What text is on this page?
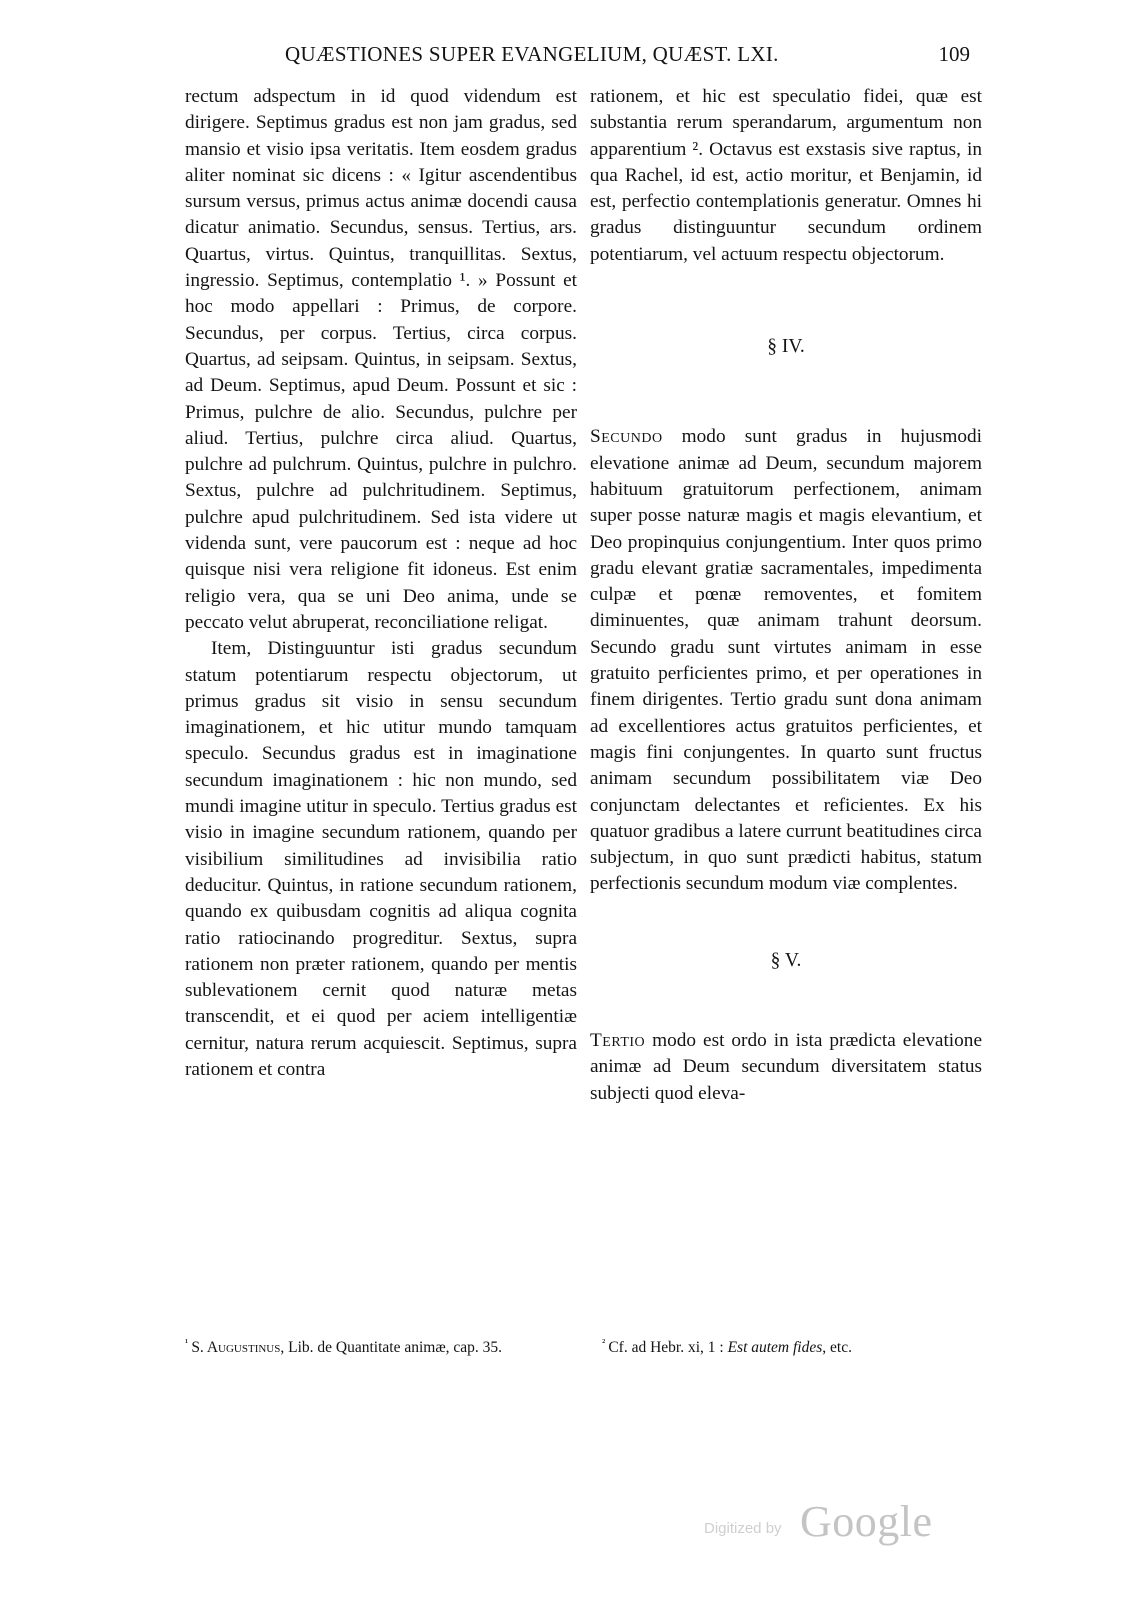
QUÆSTIONES SUPER EVANGELIUM, QUÆST. LXI.	109

rectum adspectum in id quod videndum est dirigere. Septimus gradus est non jam gradus, sed mansio et visio ipsa veritatis. Item eosdem gradus aliter nominat sic dicens : « Igitur ascendentibus sursum versus, primus actus animæ docendi causa dicatur animatio. Secundus, sensus. Tertius, ars. Quartus, virtus. Quintus, tranquillitas. Sextus, ingressio. Septimus, contemplatio ¹. » Possunt et hoc modo appellari : Primus, de corpore. Secundus, per corpus. Tertius, circa corpus. Quartus, ad seipsam. Quintus, in seipsam. Sextus, ad Deum. Septimus, apud Deum. Possunt et sic : Primus, pulchre de alio. Secundus, pulchre per aliud. Tertius, pulchre circa aliud. Quartus, pulchre ad pulchrum. Quintus, pulchre in pulchro. Sextus, pulchre ad pulchritudinem. Septimus, pulchre apud pulchritudinem. Sed ista videre ut videnda sunt, vere paucorum est : neque ad hoc quisque nisi vera religione fit idoneus. Est enim religio vera, qua se uni Deo anima, unde se peccato velut abruperat, reconciliatione religat.

Item, Distinguuntur isti gradus secundum statum potentiarum respectu objectorum, ut primus gradus sit visio in sensu secundum imaginationem, et hic utitur mundo tamquam speculo. Secundus gradus est in imaginatione secundum imaginationem : hic non mundo, sed mundi imagine utitur in speculo. Tertius gradus est visio in imagine secundum rationem, quando per visibilium similitudines ad invisibilia ratio deducitur. Quintus, in ratione secundum rationem, quando ex quibusdam cognitis ad aliqua cognita ratio ratiocinando progreditur. Sextus, supra rationem non præter rationem, quando per mentis sublevationem cernit quod naturæ metas transcendit, et ei quod per aciem intelligentiæ cernitur, natura rerum acquiescit. Septimus, supra rationem et contra

rationem, et hic est speculatio fidei, quæ est substantia rerum sperandarum, argumentum non apparentium ². Octavus est exstasis sive raptus, in qua Rachel, id est, actio moritur, et Benjamin, id est, perfectio contemplationis generatur. Omnes hi gradus distinguuntur secundum ordinem potentiarum, vel actuum respectu objectorum.

§ IV.

Secundo modo sunt gradus in hujusmodi elevatione animæ ad Deum, secundum majorem habituum gratuitorum perfectionem, animam super posse naturæ magis et magis elevantium, et Deo propinquius conjungentium. Inter quos primo gradu elevant gratiæ sacramentales, impedimenta culpæ et pœnæ removentes, et fomitem diminuentes, quæ animam trahunt deorsum. Secundo gradu sunt virtutes animam in esse gratuito perficientes primo, et per operationes in finem dirigentes. Tertio gradu sunt dona animam ad excellentiores actus gratuitos perficientes, et magis fini conjungentes. In quarto sunt fructus animam secundum possibilitatem viæ Deo conjunctam delectantes et reficientes. Ex his quatuor gradibus a latere currunt beatitudines circa subjectum, in quo sunt prædicti habitus, statum perfectionis secundum modum viæ complentes.

§ V.

Tertio modo est ordo in ista prædicta elevatione animæ ad Deum secundum diversitatem status subjecti quod eleva-

$^{^1}$ S. Augustinus, Lib. de Quantitate animæ, cap. 35.	$^{^2}$ Cf. ad Hebr. xi, 1 : Est autem fides, etc.
Digitized by Google
